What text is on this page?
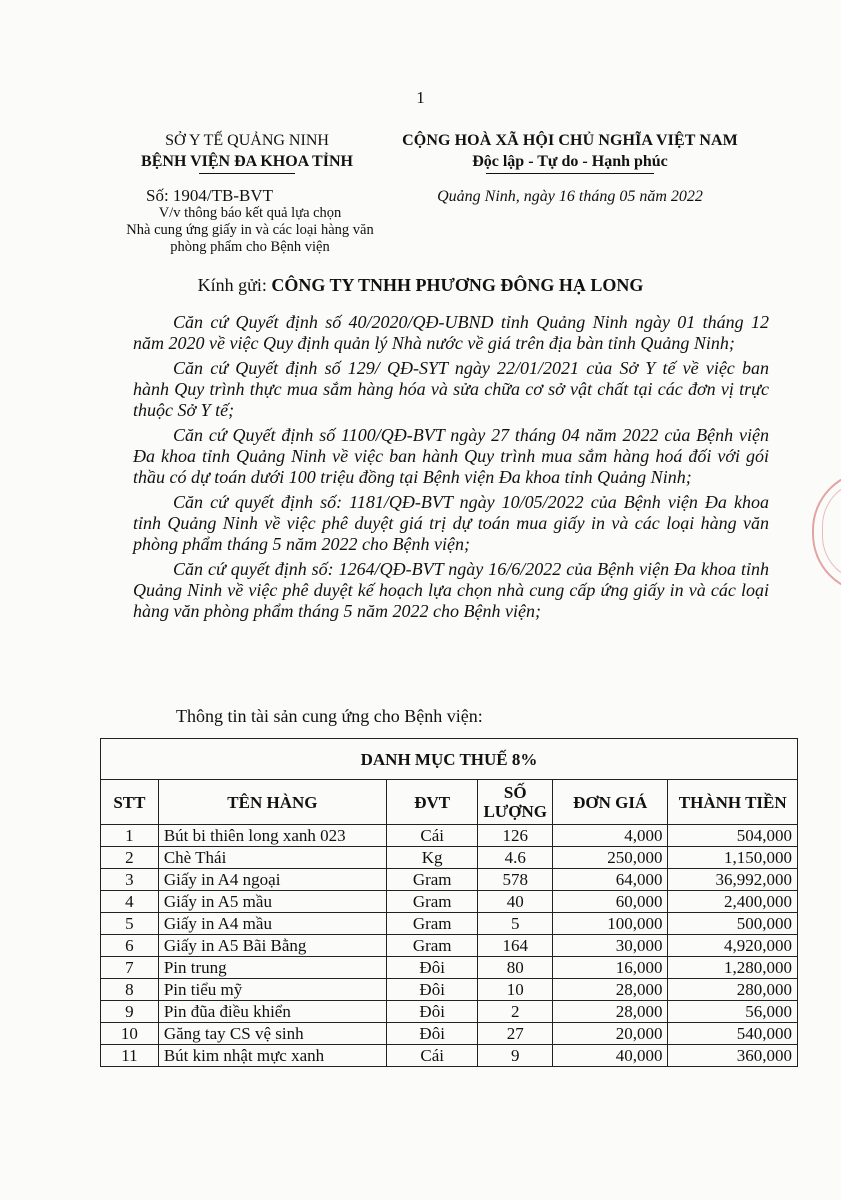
1
SỞ Y TẾ QUẢNG NINH
BỆNH VIỆN ĐA KHOA TỈNH
CỘNG HOÀ XÃ HỘI CHỦ NGHĨA VIỆT NAM
Độc lập - Tự do - Hạnh phúc
Số: 1904/TB-BVT
V/v thông báo kết quả lựa chọn
Nhà cung ứng giấy in và các loại hàng văn
phòng phẩm cho Bệnh viện
Quảng Ninh, ngày 16 tháng 05 năm 2022
Kính gửi: CÔNG TY TNHH PHƯƠNG ĐÔNG HẠ LONG

Căn cứ Quyết định số 40/2020/QĐ-UBND tỉnh Quảng Ninh ngày 01 tháng 12 năm 2020 về việc Quy định quản lý Nhà nước về giá trên địa bàn tỉnh Quảng Ninh;

Căn cứ Quyết định số 129/ QĐ-SYT ngày 22/01/2021 của Sở Y tế về việc ban hành Quy trình thực mua sắm hàng hóa và sửa chữa cơ sở vật chất tại các đơn vị trực thuộc Sở Y tế;

Căn cứ Quyết định số 1100/QĐ-BVT ngày 27 tháng 04 năm 2022 của Bệnh viện Đa khoa tỉnh Quảng Ninh về việc ban hành Quy trình mua sắm hàng hoá đối với gói thầu có dự toán dưới 100 triệu đồng tại Bệnh viện Đa khoa tỉnh Quảng Ninh;

Căn cứ quyết định số: 1181/QĐ-BVT ngày 10/05/2022 của Bệnh viện Đa khoa tỉnh Quảng Ninh về việc phê duyệt giá trị dự toán mua giấy in và các loại hàng văn phòng phẩm tháng 5 năm 2022 cho Bệnh viện;

Căn cứ quyết định số: 1264/QĐ-BVT ngày 16/6/2022 của Bệnh viện Đa khoa tỉnh Quảng Ninh về việc phê duyệt kế hoạch lựa chọn nhà cung cấp ứng giấy in và các loại hàng văn phòng phẩm tháng 5 năm 2022 cho Bệnh viện;

Thông tin tài sản cung ứng cho Bệnh viện:
DANH MỤC THUẾ 8%					
STT	TÊN HÀNG	ĐVT	SỐ LƯỢNG	ĐƠN GIÁ	THÀNH TIỀN
1	Bút bi thiên long xanh 023	Cái	126	4,000	504,000
2	Chè Thái	Kg	4.6	250,000	1,150,000
3	Giấy in A4 ngoại	Gram	578	64,000	36,992,000
4	Giấy in A5 mầu	Gram	40	60,000	2,400,000
5	Giấy in A4 mầu	Gram	5	100,000	500,000
6	Giấy in A5 Bãi Bằng	Gram	164	30,000	4,920,000
7	Pin trung	Đôi	80	16,000	1,280,000
8	Pin tiểu mỹ	Đôi	10	28,000	280,000
9	Pin đũa điều khiển	Đôi	2	28,000	56,000
10	Găng tay CS vệ sinh	Đôi	27	20,000	540,000
11	Bút kim nhật mực xanh	Cái	9	40,000	360,000
